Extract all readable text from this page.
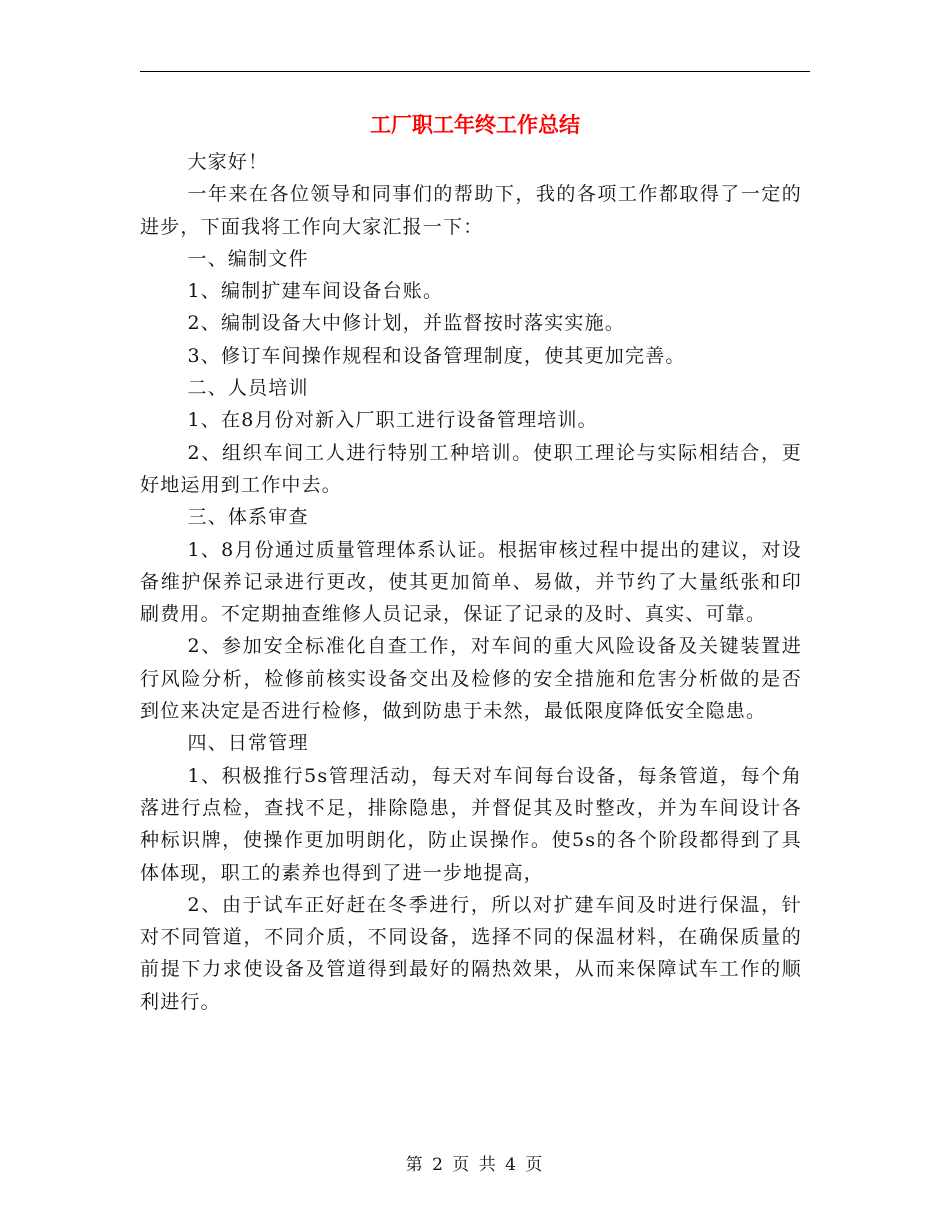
工厂职工年终工作总结

大家好！

一年来在各位领导和同事们的帮助下，我的各项工作都取得了一定的进步，下面我将工作向大家汇报一下：

一、编制文件

1、编制扩建车间设备台账。

2、编制设备大中修计划，并监督按时落实实施。

3、修订车间操作规程和设备管理制度，使其更加完善。

二、人员培训

1、在8月份对新入厂职工进行设备管理培训。

2、组织车间工人进行特别工种培训。使职工理论与实际相结合，更好地运用到工作中去。

三、体系审查

1、8月份通过质量管理体系认证。根据审核过程中提出的建议，对设备维护保养记录进行更改，使其更加简单、易做，并节约了大量纸张和印刷费用。不定期抽查维修人员记录，保证了记录的及时、真实、可靠。

2、参加安全标准化自查工作，对车间的重大风险设备及关键装置进行风险分析，检修前核实设备交出及检修的安全措施和危害分析做的是否到位来决定是否进行检修，做到防患于未然，最低限度降低安全隐患。

四、日常管理

1、积极推行5s管理活动，每天对车间每台设备，每条管道，每个角落进行点检，查找不足，排除隐患，并督促其及时整改，并为车间设计各种标识牌，使操作更加明朗化，防止误操作。使5s的各个阶段都得到了具体体现，职工的素养也得到了进一步地提高，

2、由于试车正好赶在冬季进行，所以对扩建车间及时进行保温，针对不同管道，不同介质，不同设备，选择不同的保温材料，在确保质量的前提下力求使设备及管道得到最好的隔热效果，从而来保障试车工作的顺利进行。

第 2 页 共 4 页
